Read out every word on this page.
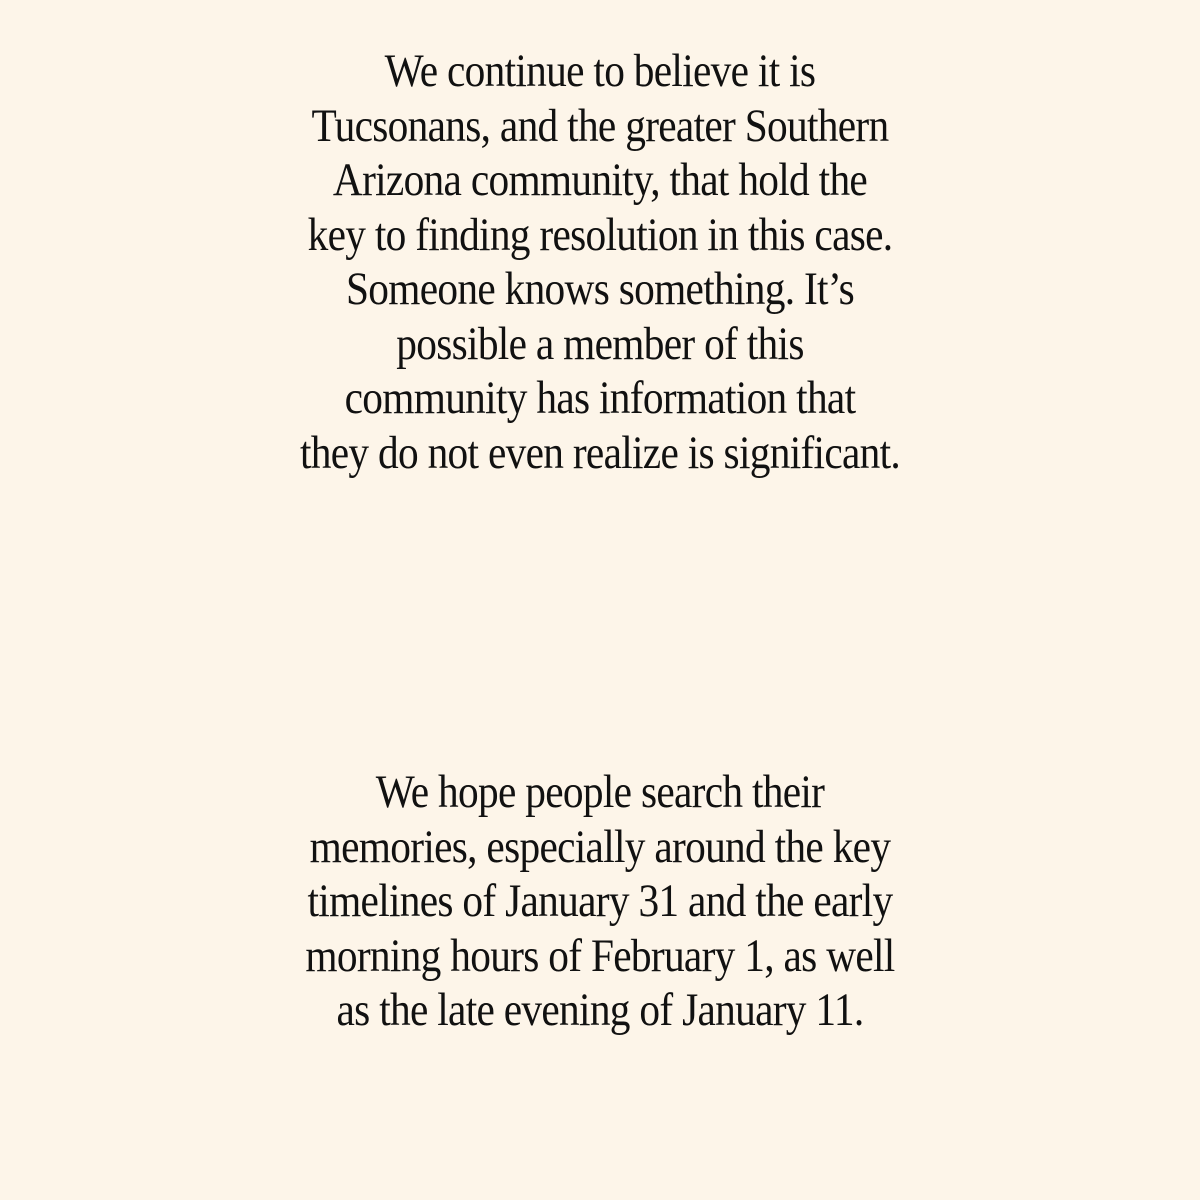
We continue to believe it is
Tucsonans, and the greater Southern
Arizona community, that hold the
key to finding resolution in this case.
Someone knows something. It’s
possible a member of this
community has information that
they do not even realize is significant.
We hope people search their
memories, especially around the key
timelines of January 31 and the early
morning hours of February 1, as well
as the late evening of January 11.
